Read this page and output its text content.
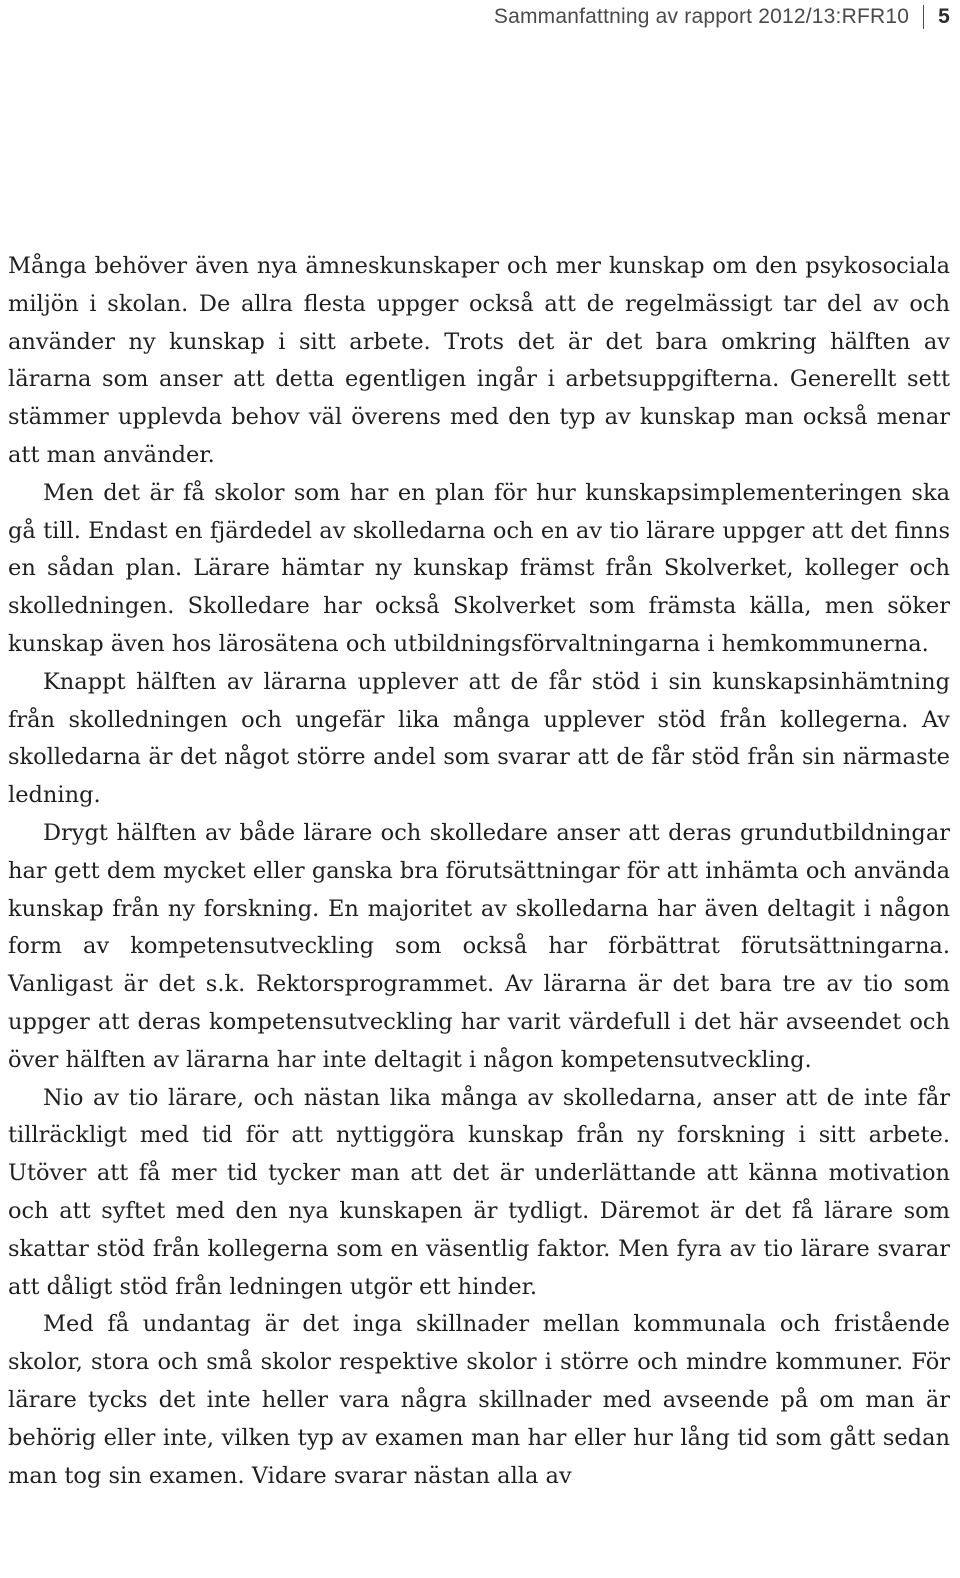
Sammanfattning av rapport 2012/13:RFR10 5

Många behöver även nya ämneskunskaper och mer kunskap om den psykosociala miljön i skolan. De allra flesta uppger också att de regelmässigt tar del av och använder ny kunskap i sitt arbete. Trots det är det bara omkring hälften av lärarna som anser att detta egentligen ingår i arbetsuppgifterna. Generellt sett stämmer upplevda behov väl överens med den typ av kunskap man också menar att man använder.

Men det är få skolor som har en plan för hur kunskapsimplementeringen ska gå till. Endast en fjärdedel av skolledarna och en av tio lärare uppger att det finns en sådan plan. Lärare hämtar ny kunskap främst från Skolverket, kolleger och skolledningen. Skolledare har också Skolverket som främsta källa, men söker kunskap även hos lärosätena och utbildningsförvaltningarna i hemkommunerna.

Knappt hälften av lärarna upplever att de får stöd i sin kunskapsinhämtning från skolledningen och ungefär lika många upplever stöd från kollegerna. Av skolledarna är det något större andel som svarar att de får stöd från sin närmaste ledning.

Drygt hälften av både lärare och skolledare anser att deras grundutbildningar har gett dem mycket eller ganska bra förutsättningar för att inhämta och använda kunskap från ny forskning. En majoritet av skolledarna har även deltagit i någon form av kompetensutveckling som också har förbättrat förutsättningarna. Vanligast är det s.k. Rektorsprogrammet. Av lärarna är det bara tre av tio som uppger att deras kompetensutveckling har varit värdefull i det här avseendet och över hälften av lärarna har inte deltagit i någon kompetensutveckling.

Nio av tio lärare, och nästan lika många av skolledarna, anser att de inte får tillräckligt med tid för att nyttiggöra kunskap från ny forskning i sitt arbete. Utöver att få mer tid tycker man att det är underlättande att känna motivation och att syftet med den nya kunskapen är tydligt. Däremot är det få lärare som skattar stöd från kollegerna som en väsentlig faktor. Men fyra av tio lärare svarar att dåligt stöd från ledningen utgör ett hinder.

Med få undantag är det inga skillnader mellan kommunala och fristående skolor, stora och små skolor respektive skolor i större och mindre kommuner. För lärare tycks det inte heller vara några skillnader med avseende på om man är behörig eller inte, vilken typ av examen man har eller hur lång tid som gått sedan man tog sin examen. Vidare svarar nästan alla av
